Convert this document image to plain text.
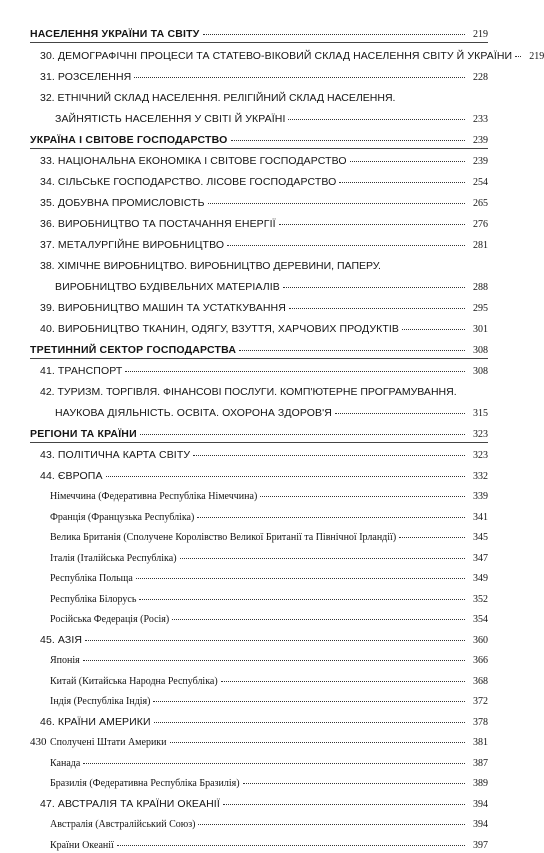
НАСЕЛЕННЯ УКРАЇНИ ТА СВІТУ	219
30. ДЕМОГРАФІЧНІ ПРОЦЕСИ ТА СТАТЕВО-ВІКОВИЙ СКЛАД НАСЕЛЕННЯ СВІТУ Й УКРАЇНИ	219
31. РОЗСЕЛЕННЯ	228
32. ЕТНІЧНИЙ СКЛАД НАСЕЛЕННЯ. РЕЛІГІЙНИЙ СКЛАД НАСЕЛЕННЯ.
ЗАЙНЯТІСТЬ НАСЕЛЕННЯ У СВІТІ Й УКРАЇНІ	233
УКРАЇНА І СВІТОВЕ ГОСПОДАРСТВО	239
33. НАЦІОНАЛЬНА ЕКОНОМІКА І СВІТОВЕ ГОСПОДАРСТВО	239
34. СІЛЬСЬКЕ ГОСПОДАРСТВО. ЛІСОВЕ ГОСПОДАРСТВО	254
35. ДОБУВНА ПРОМИСЛОВІСТЬ	265
36. ВИРОБНИЦТВО ТА ПОСТАЧАННЯ ЕНЕРГІЇ	276
37. МЕТАЛУРГІЙНЕ ВИРОБНИЦТВО	281
38. ХІМІЧНЕ ВИРОБНИЦТВО. ВИРОБНИЦТВО ДЕРЕВИНИ, ПАПЕРУ.
ВИРОБНИЦТВО БУДІВЕЛЬНИХ МАТЕРІАЛІВ	288
39. ВИРОБНИЦТВО МАШИН ТА УСТАТКУВАННЯ	295
40. ВИРОБНИЦТВО ТКАНИН, ОДЯГУ, ВЗУТТЯ, ХАРЧОВИХ ПРОДУКТІВ	301
ТРЕТИННИЙ СЕКТОР ГОСПОДАРСТВА	308
41. ТРАНСПОРТ	308
42. ТУРИЗМ. ТОРГІВЛЯ. ФІНАНСОВІ ПОСЛУГИ. КОМП'ЮТЕРНЕ ПРОГРАМУВАННЯ.
НАУКОВА ДІЯЛЬНІСТЬ. ОСВІТА. ОХОРОНА ЗДОРОВ'Я	315
РЕГІОНИ ТА КРАЇНИ	323
43. ПОЛІТИЧНА КАРТА СВІТУ	323
44. ЄВРОПА	332
Німеччина (Федеративна Республіка Німеччина)	339
Франція (Французька Республіка)	341
Велика Британія (Сполучене Королівство Великої Британії та Північної Ірландії)	345
Італія (Італійська Республіка)	347
Республіка Польща	349
Республіка Білорусь	352
Російська Федерація (Росія)	354
45. АЗІЯ	360
Японія	366
Китай (Китайська Народна Республіка)	368
Індія (Республіка Індія)	372
46. КРАЇНИ АМЕРИКИ	378
Сполучені Штати Америки	381
Канада	387
Бразилія (Федеративна Республіка Бразилія)	389
47. АВСТРАЛІЯ ТА КРАЇНИ ОКЕАНІЇ	394
Австралія (Австралійський Союз)	394
Країни Океанії	397
430
